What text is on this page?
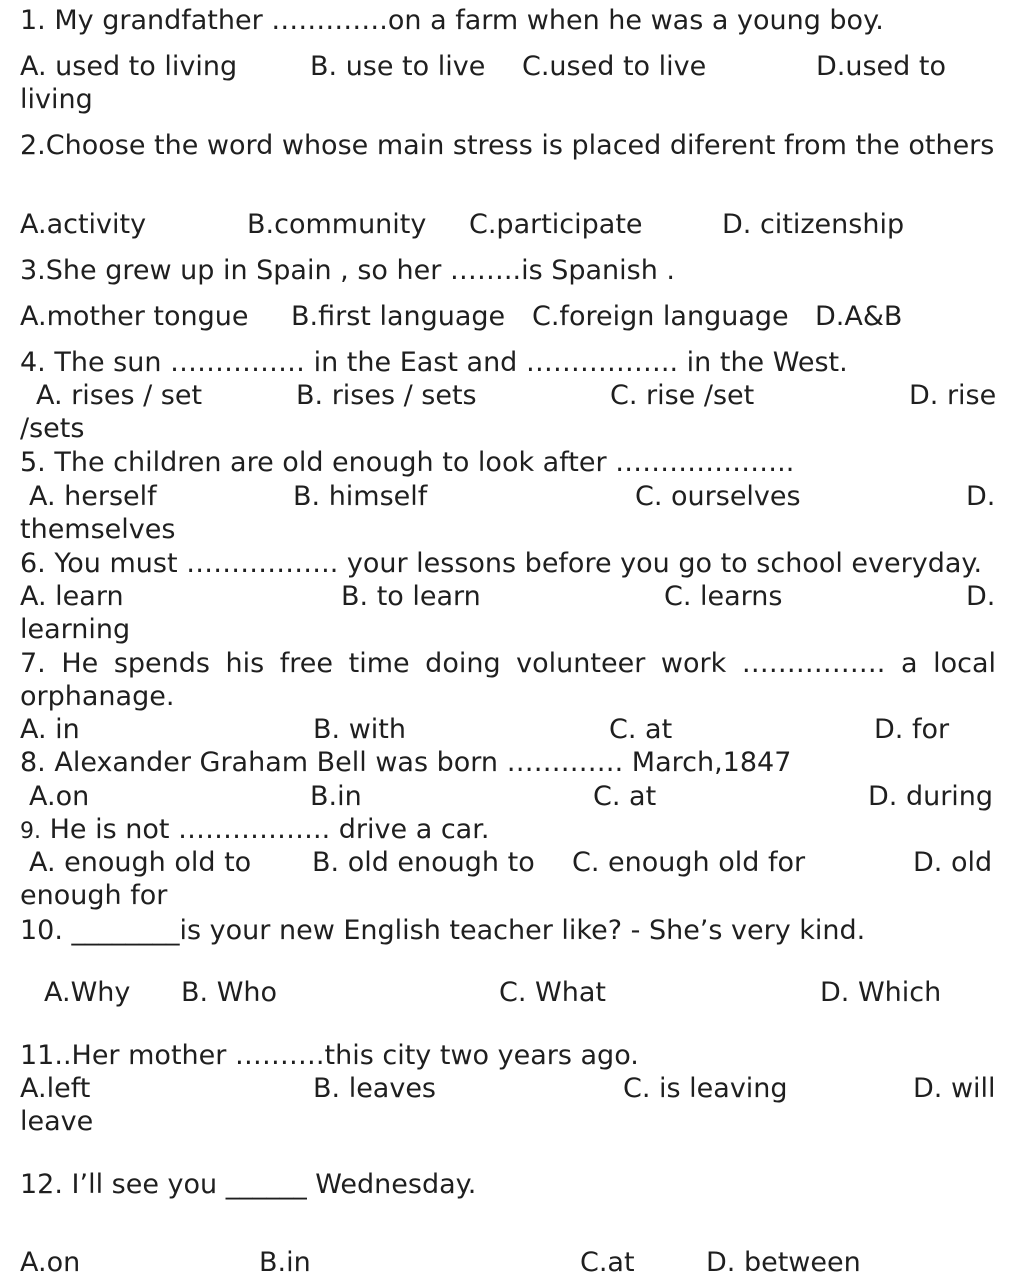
1. My grandfather ………….on a farm when he was a young boy.
A. used to living	B. use to live C.used to live	D.used to
living
2.Choose the word whose main stress is placed diferent from the others
A.activity	B.community C.participate	D. citizenship
3.She grew up in Spain , so her ……..is Spanish .
A.mother tongue B.first language C.foreign language D.A&B
4. The sun …………… in the East and …………….. in the West.
A. rises / set	B. rises / sets	C. rise /set	D. rise
/sets
5. The children are old enough to look after ………………..
A. herself	B. himself	C. ourselves	D.
themselves
6. You must …………….. your lessons before you go to school everyday.
A. learn	B. to learn	C. learns	D.
learning
7. He spends his free time doing volunteer work ……………. a local orphanage.
A. in	B. with	C. at	D. for
8. Alexander Graham Bell was born …………. March,1847
A.on	B.in	C. at	D. during
9. He is not …………….. drive a car.
A. enough old to B. old enough to C. enough old for	D. old
enough for
10. ________is your new English teacher like? - She’s very kind.
A.Why B. Who	C. What	D. Which
11..Her mother ……….this city two years ago.
A.left	B. leaves	C. is leaving	D. will
leave
12. I’ll see you ______ Wednesday.
A.on	B.in	C.at	D. between
